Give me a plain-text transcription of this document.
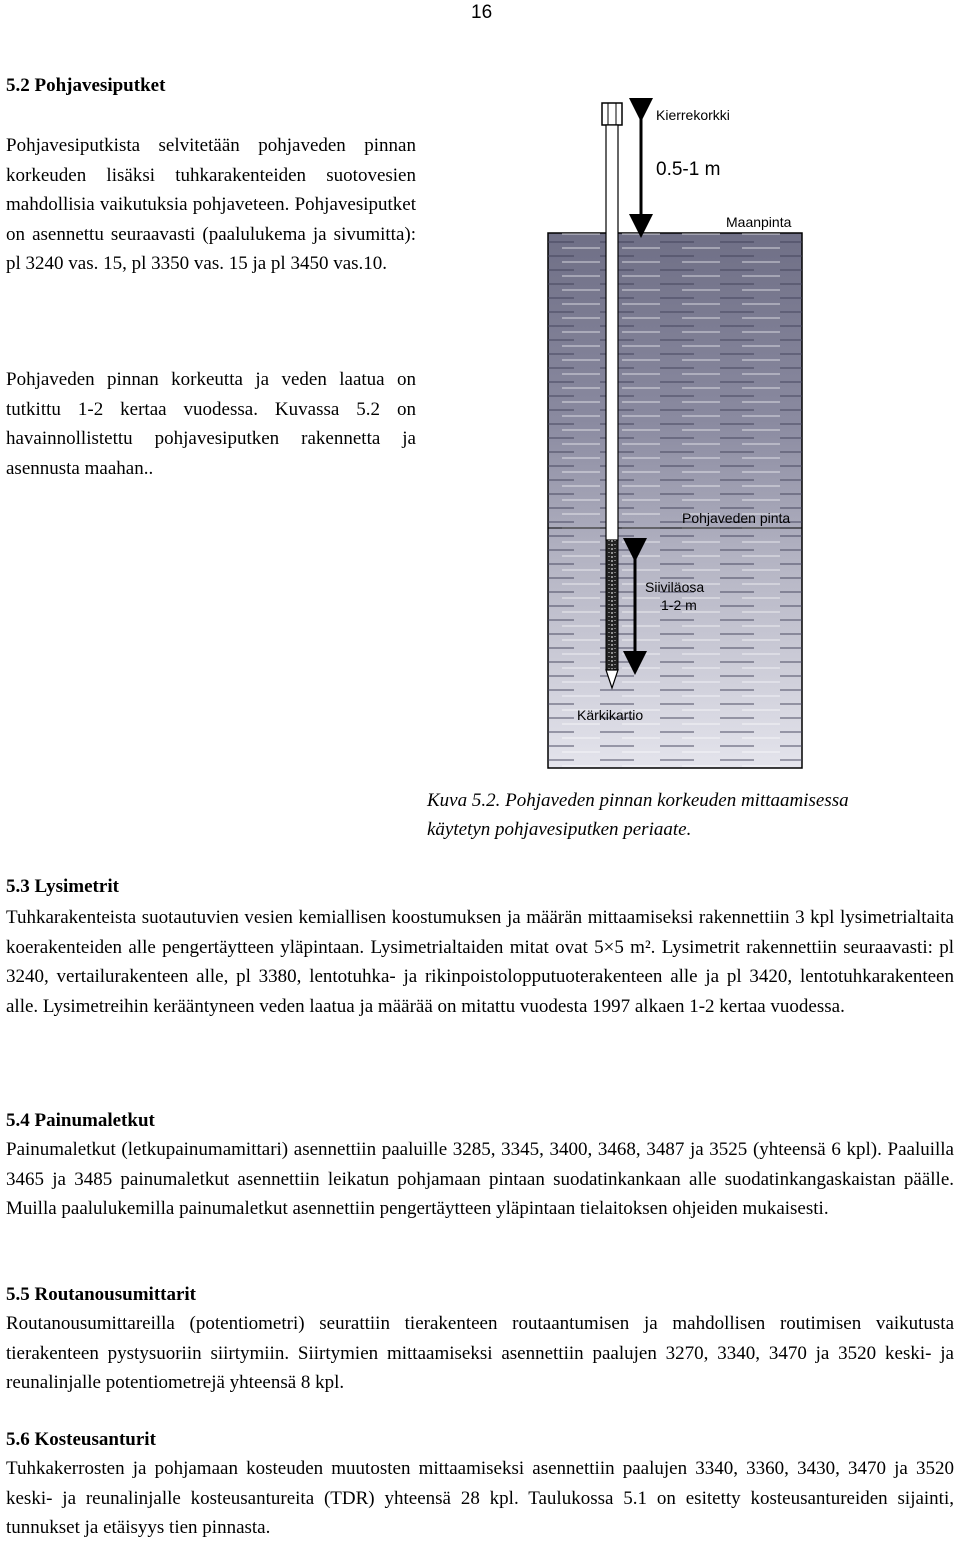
16
5.2 Pohjavesiputket

Pohjavesiputkista selvitetään pohjaveden pinnan korkeuden lisäksi tuhkarakenteiden suotovesien mahdollisia vaikutuksia pohjaveteen. Pohjavesiputket on asennettu seuraavasti (paalulukema ja sivumitta): pl 3240 vas. 15, pl 3350 vas. 15 ja pl 3450 vas.10.

Pohjaveden pinnan korkeutta ja veden laatua on tutkittu 1-2 kertaa vuodessa. Kuvassa 5.2 on havainnollistettu pohjavesiputken rakennetta ja asennusta maahan..

Kierrekorkki
0.5-1 m
Maanpinta
Pohjaveden pinta
Siiviläosa
1-2 m
Kärkikartio

Kuva 5.2. Pohjaveden pinnan korkeuden mittaamisessa käytetyn pohjavesiputken periaate.

5.3 Lysimetrit

Tuhkarakenteista suotautuvien vesien kemiallisen koostumuksen ja määrän mittaamiseksi rakennettiin 3 kpl lysimetrialtaita koerakenteiden alle pengertäytteen yläpintaan. Lysimetrialtaiden mitat ovat 5×5 m². Lysimetrit rakennettiin seuraavasti: pl 3240, vertailurakenteen alle, pl 3380, lentotuhka- ja rikinpoistolopputuoterakenteen alle ja pl 3420, lentotuhkarakenteen alle. Lysimetreihin kerääntyneen veden laatua ja määrää on mitattu vuodesta 1997 alkaen 1-2 kertaa vuodessa.

5.4 Painumaletkut

Painumaletkut (letkupainumamittari) asennettiin paaluille 3285, 3345, 3400, 3468, 3487 ja 3525 (yhteensä 6 kpl). Paaluilla 3465 ja 3485 painumaletkut asennettiin leikatun pohjamaan pintaan suodatinkankaan alle suodatinkangaskaistan päälle. Muilla paalulukemilla painumaletkut asennettiin pengertäytteen yläpintaan tielaitoksen ohjeiden mukaisesti.

5.5 Routanousumittarit

Routanousumittareilla (potentiometri) seurattiin tierakenteen routaantumisen ja mahdollisen routimisen vaikutusta tierakenteen pystysuoriin siirtymiin. Siirtymien mittaamiseksi asennettiin paalujen 3270, 3340, 3470 ja 3520 keski- ja reunalinjalle potentiometrejä yhteensä 8 kpl.

5.6 Kosteusanturit

Tuhkakerrosten ja pohjamaan kosteuden muutosten mittaamiseksi asennettiin paalujen 3340, 3360, 3430, 3470 ja 3520 keski- ja reunalinjalle kosteusantureita (TDR) yhteensä 28 kpl. Taulukossa 5.1 on esitetty kosteusantureiden sijainti, tunnukset ja etäisyys tien pinnasta.
